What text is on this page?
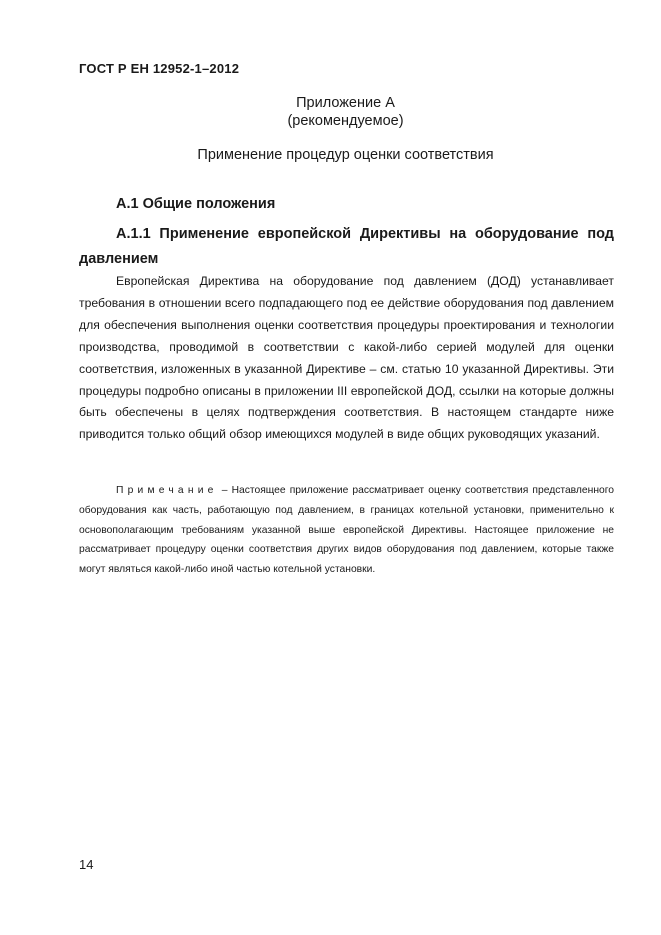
ГОСТ Р ЕН 12952-1–2012
Приложение А
(рекомендуемое)
Применение процедур оценки соответствия
А.1 Общие положения
А.1.1 Применение европейской Директивы на оборудование под давлением

Европейская Директива на оборудование под давлением (ДОД) устанавливает требования в отношении всего подпадающего под ее действие оборудования под давлением для обеспечения выполнения оценки соответствия процедуры проектирования и технологии производства, проводимой в соответствии с какой-либо серией модулей для оценки соответствия, изложенных в указанной Директиве – см. статью 10 указанной Директивы. Эти процедуры подробно описаны в приложении III европейской ДОД, ссылки на которые должны быть обеспечены в целях подтверждения соответствия. В настоящем стандарте ниже приводится только общий обзор имеющихся модулей в виде общих руководящих указаний.

Примечание – Настоящее приложение рассматривает оценку соответствия представленного оборудования как часть, работающую под давлением, в границах котельной установки, применительно к основополагающим требованиям указанной выше европейской Директивы. Настоящее приложение не рассматривает процедуру оценки соответствия других видов оборудования под давлением, которые также могут являться какой-либо иной частью котельной установки.

14
